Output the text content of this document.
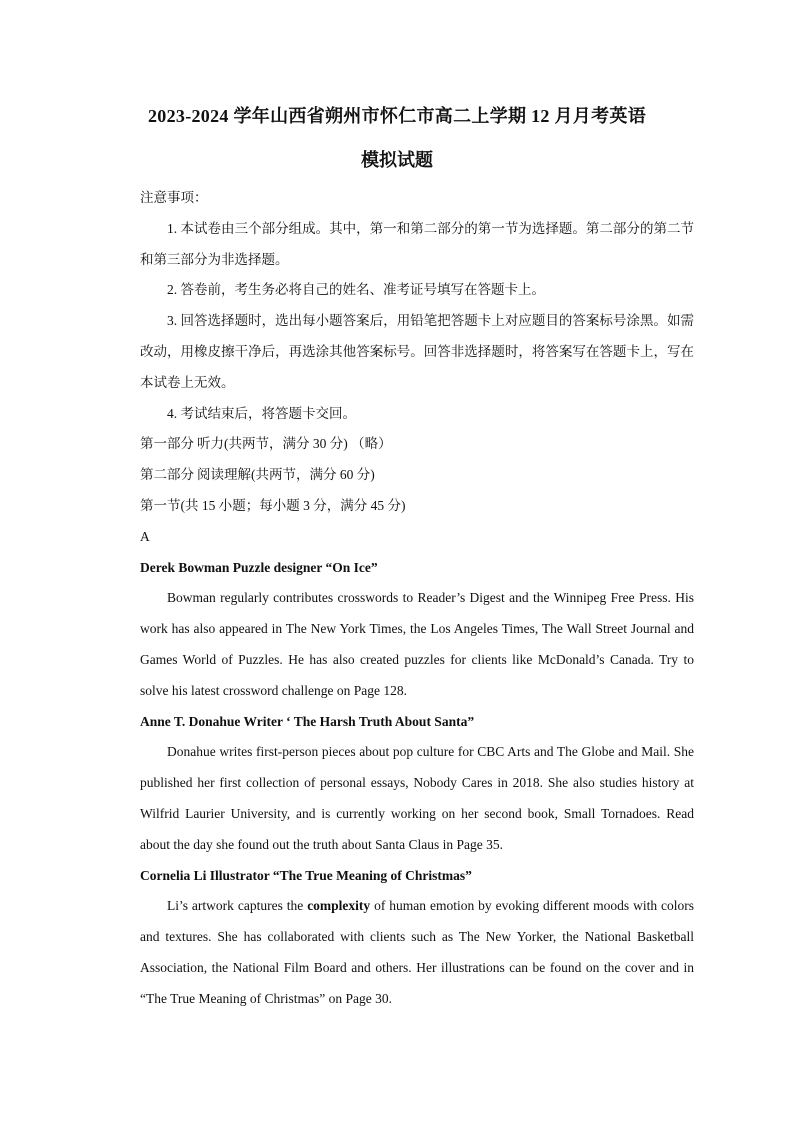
2023-2024 学年山西省朔州市怀仁市高二上学期 12 月月考英语
模拟试题

注意事项：

1. 本试卷由三个部分组成。其中，第一和第二部分的第一节为选择题。第二部分的第二节和第三部分为非选择题。

2. 答卷前，考生务必将自己的姓名、准考证号填写在答题卡上。

3. 回答选择题时，选出每小题答案后，用铅笔把答题卡上对应题目的答案标号涂黑。如需改动，用橡皮擦干净后，再选涂其他答案标号。回答非选择题时，将答案写在答题卡上，写在本试卷上无效。

4. 考试结束后，将答题卡交回。

第一部分 听力(共两节，满分 30 分) （略）

第二部分 阅读理解(共两节，满分 60 分)

第一节(共 15 小题；每小题 3 分，满分 45 分)

A

Derek Bowman Puzzle designer “On Ice”

Bowman regularly contributes crosswords to Reader’s Digest and the Winnipeg Free Press. His work has also appeared in The New York Times, the Los Angeles Times, The Wall Street Journal and Games World of Puzzles. He has also created puzzles for clients like McDonald’s Canada. Try to solve his latest crossword challenge on Page 128.

Anne T. Donahue Writer ‘ The Harsh Truth About Santa”

Donahue writes first-person pieces about pop culture for CBC Arts and The Globe and Mail. She published her first collection of personal essays, Nobody Cares in 2018. She also studies history at Wilfrid Laurier University, and is currently working on her second book, Small Tornadoes. Read about the day she found out the truth about Santa Claus in Page 35.

Cornelia Li Illustrator “The True Meaning of Christmas”

Li’s artwork captures the complexity of human emotion by evoking different moods with colors and textures. She has collaborated with clients such as The New Yorker, the National Basketball Association, the National Film Board and others. Her illustrations can be found on the cover and in “The True Meaning of Christmas” on Page 30.
